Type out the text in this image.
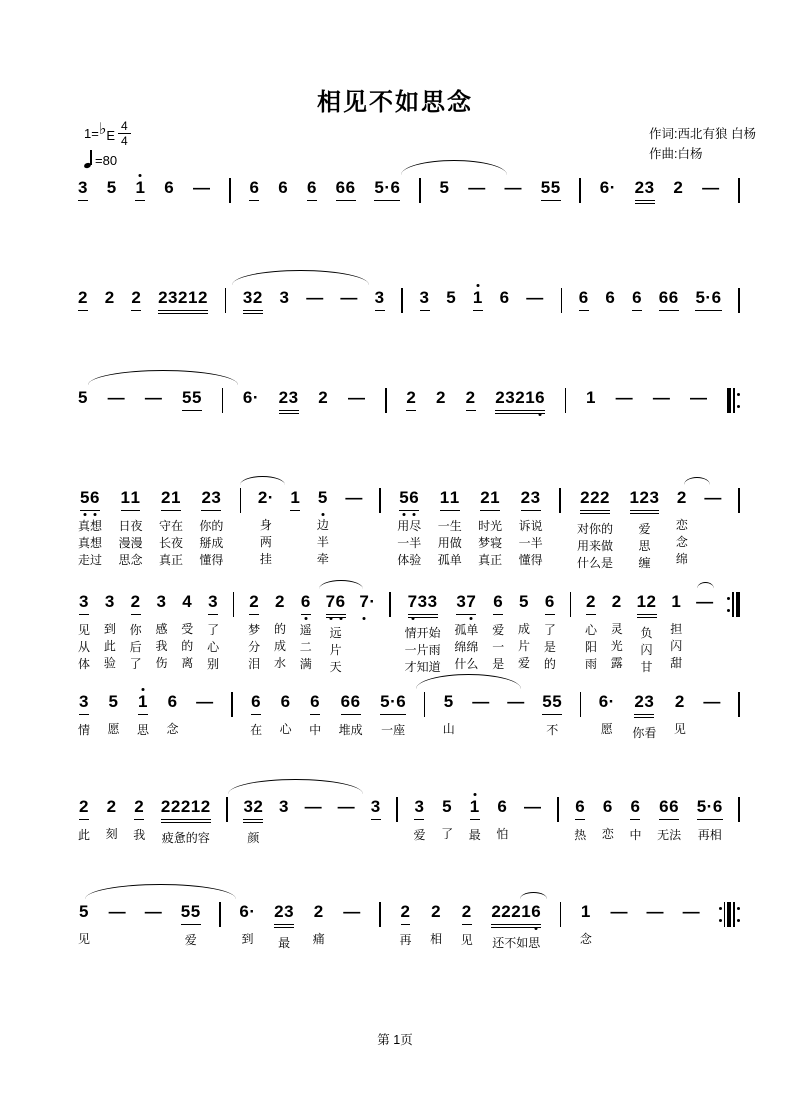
相见不如思念
1= ♭ E $\frac{4}{4}$
=80
作词:西北有狼 白杨
作曲:白杨
3 5 1 6 — 6 6 6 6 6 5 · 6 5 — — 5 5 6 · 2 3 2 —
2 2 2 2 3 2 1 2 3 2 3 — — 3 3 5 1 6 — 6 6 6 6 6 5 · 6
5 — — 5 5 6 · 2 3 2 — 2 2 2 2 3 2 1 6 1 — — —
5 6
真想
真想
走过
1 1
日夜
漫漫
思念
2 1
守在
长夜
真正
2 3
你的
掰成
懂得
2 ·
身
两
挂
1

5
边
半
牵
—

5 6
用尽
一半
体验
1 1
一生
用做
孤单
2 1
时光
梦寝
真正
2 3
诉说
一半
懂得
2 2 2
对你的
用来做
什么是
1 2 3
爱
思
缠
2
恋
念
绵
—

3
见
从
体
3
到
此
验
2
你
后
了
3
感
我
伤
4
受
的
离
3
了
心
别
2
梦
分
泪
2
的
成
水
6
遥
二
满
7 6
远
片
天
7 ·

7 3 3
情开始
一片雨
才知道
3 7
孤单
绵绵
什么
6
爱
一
是
5
成
片
爱
6
了
是
的
2
心
阳
雨
2
灵
光
露
1 2
负
闪
甘
1
担
闪
甜
—

3
情
5
愿
1
思
6
念
—
6
在
6
心
6
中
6 6
堆成
5 · 6
一座
5
山
—
—
5 5
不
6 ·
愿
2 3
你看
2
见
—

2
此
2
刻
2
我
2 2 2 1 2
疲惫的容
3 2
颜
3
—
—
3
3
爱
5
了
1
最
6
怕
—
6
热
6
恋
6
中
6 6
无法
5 · 6
再相
5
见
—
—
5 5
爱
6 ·
到
2 3
最
2
痛
—
2
再
2
相
2
见
2 2 2 1 6
还不如思
1
念
—
—
—

第 1页
